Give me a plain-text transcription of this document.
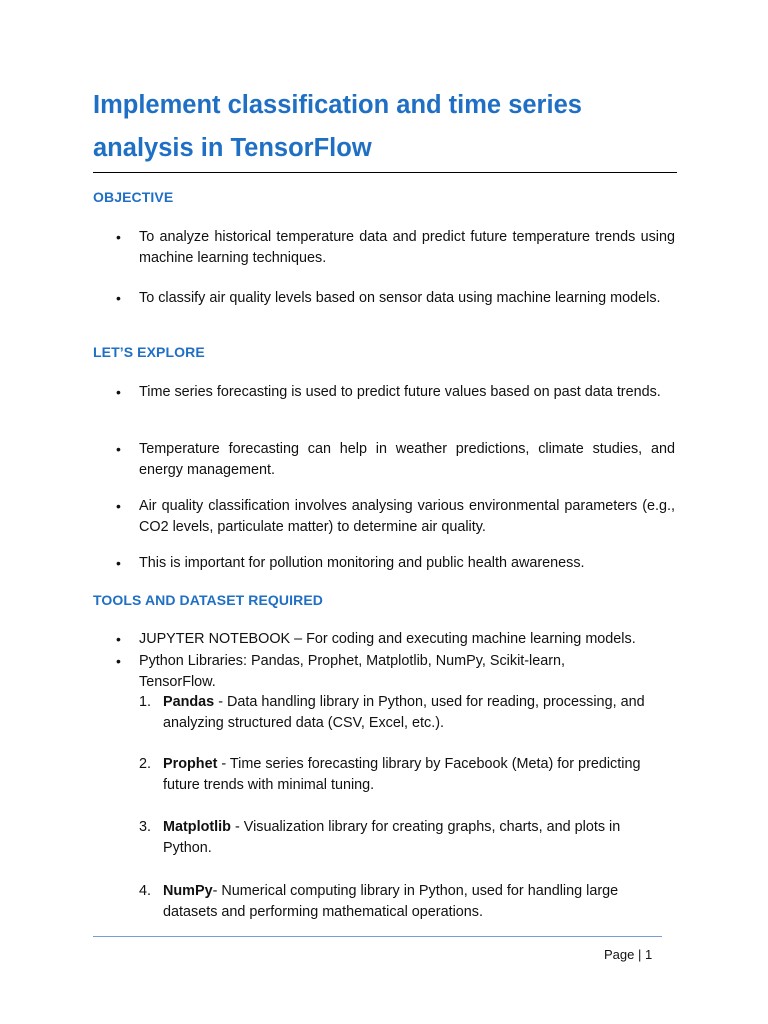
Implement classification and time series analysis in TensorFlow
OBJECTIVE
•	To analyze historical temperature data and predict future temperature trends using machine learning techniques.
•	To classify air quality levels based on sensor data using machine learning models.
LET’S EXPLORE
•	Time series forecasting is used to predict future values based on past data trends.
•	Temperature forecasting can help in weather predictions, climate studies, and energy management.
•	Air quality classification involves analysing various environmental parameters (e.g., CO2 levels, particulate matter) to determine air quality.
•	This is important for pollution monitoring and public health awareness.
TOOLS AND DATASET REQUIRED
•	JUPYTER NOTEBOOK – For coding and executing machine learning models.
•	Python Libraries: Pandas, Prophet, Matplotlib, NumPy, Scikit-learn, TensorFlow.
1. Pandas - Data handling library in Python, used for reading, processing, and analyzing structured data (CSV, Excel, etc.).
2. Prophet - Time series forecasting library by Facebook (Meta) for predicting future trends with minimal tuning.
3. Matplotlib - Visualization library for creating graphs, charts, and plots in Python.
4. NumPy- Numerical computing library in Python, used for handling large datasets and performing mathematical operations.
Page | 1
